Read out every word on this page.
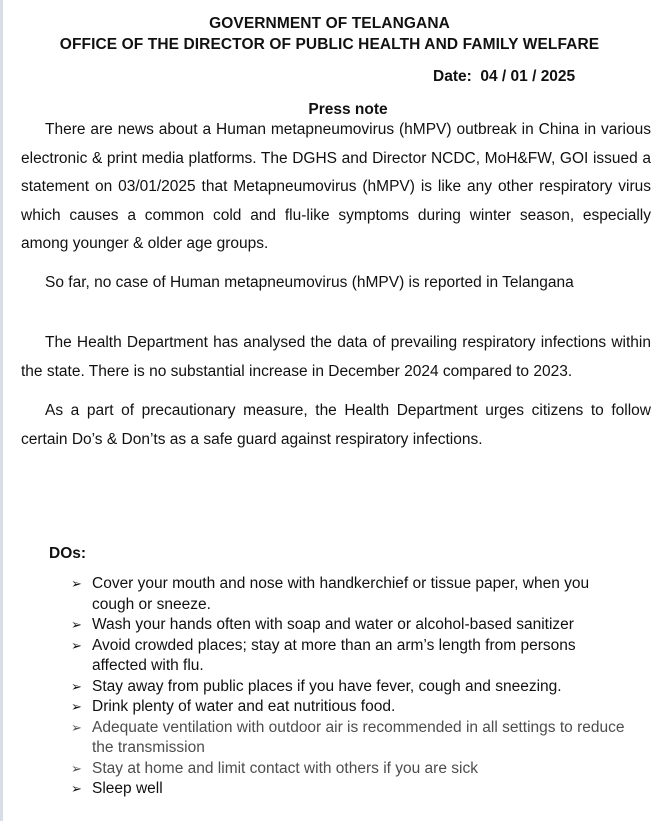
GOVERNMENT OF TELANGANA
OFFICE OF THE DIRECTOR OF PUBLIC HEALTH AND FAMILY WELFARE
Date:  04 / 01 / 2025
Press note

There are news about a Human metapneumovirus (hMPV) outbreak in China in various electronic & print media platforms. The DGHS and Director NCDC, MoH&FW, GOI issued a statement on 03/01/2025 that Metapneumovirus (hMPV) is like any other respiratory virus which causes a common cold and flu-like symptoms during winter season, especially among younger & older age groups.

So far, no case of Human metapneumovirus (hMPV) is reported in Telangana

The Health Department has analysed the data of prevailing respiratory infections within the state. There is no substantial increase in December 2024 compared to 2023.

As a part of precautionary measure, the Health Department urges citizens to follow certain Do’s & Don’ts as a safe guard against respiratory infections.

DOs:
➢ Cover your mouth and nose with handkerchief or tissue paper, when you cough or sneeze.
➢ Wash your hands often with soap and water or alcohol-based sanitizer
➢ Avoid crowded places; stay at more than an arm’s length from persons affected with flu.
➢ Stay away from public places if you have fever, cough and sneezing.
➢ Drink plenty of water and eat nutritious food.
➢ Adequate ventilation with outdoor air is recommended in all settings to reduce the transmission
➢ Stay at home and limit contact with others if you are sick
➢ Sleep well
